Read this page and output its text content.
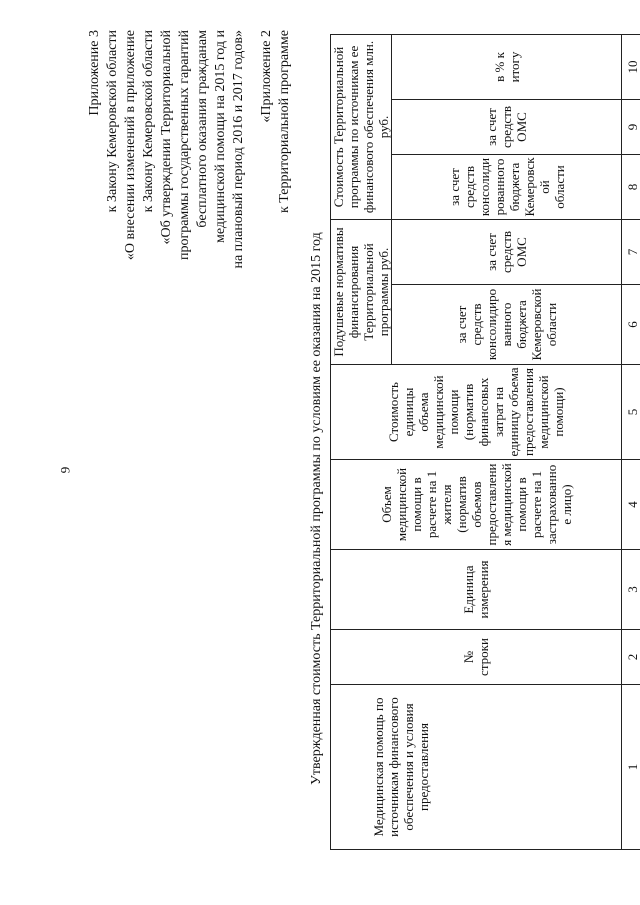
9
Приложение 3 к Закону Кемеровской области «О внесении изменений в приложение к Закону Кемеровской области «Об утверждении Территориальной программы государственных гарантий бесплатного оказания гражданам медицинской помощи на 2015 год и на плановый период 2016 и 2017 годов» «Приложение 2 к Территориальной программе
Утвержденная стоимость Территориальной программы по условиям ее оказания на 2015 год	Медицинская помощь по источникам финансового обеспечения и условия предоставления	№ строки	Единица измерения	Объем медицинской помощи в расчете на 1 жителя (норматив объемов предоставления медицинской помощи в расчете на 1 застрахованное лицо)	Стоимость единицы объема медицинской помощи (норматив финансовых затрат на единицу объема предоставления медицинской помощи)	Подушевые нормативы финансирования Территориальной программы руб.		Стоимость Территориальной программы по источникам ее финансового обеспечения млн. руб.		
					за счет средств консолидированного бюджета Кемеровской области	за счет средств ОМС	за счет средств консолидированного бюджета Кемеровской области	за счет средств ОМС	в % к итогу
1	2	3	4	5	6	7	8	9	10
